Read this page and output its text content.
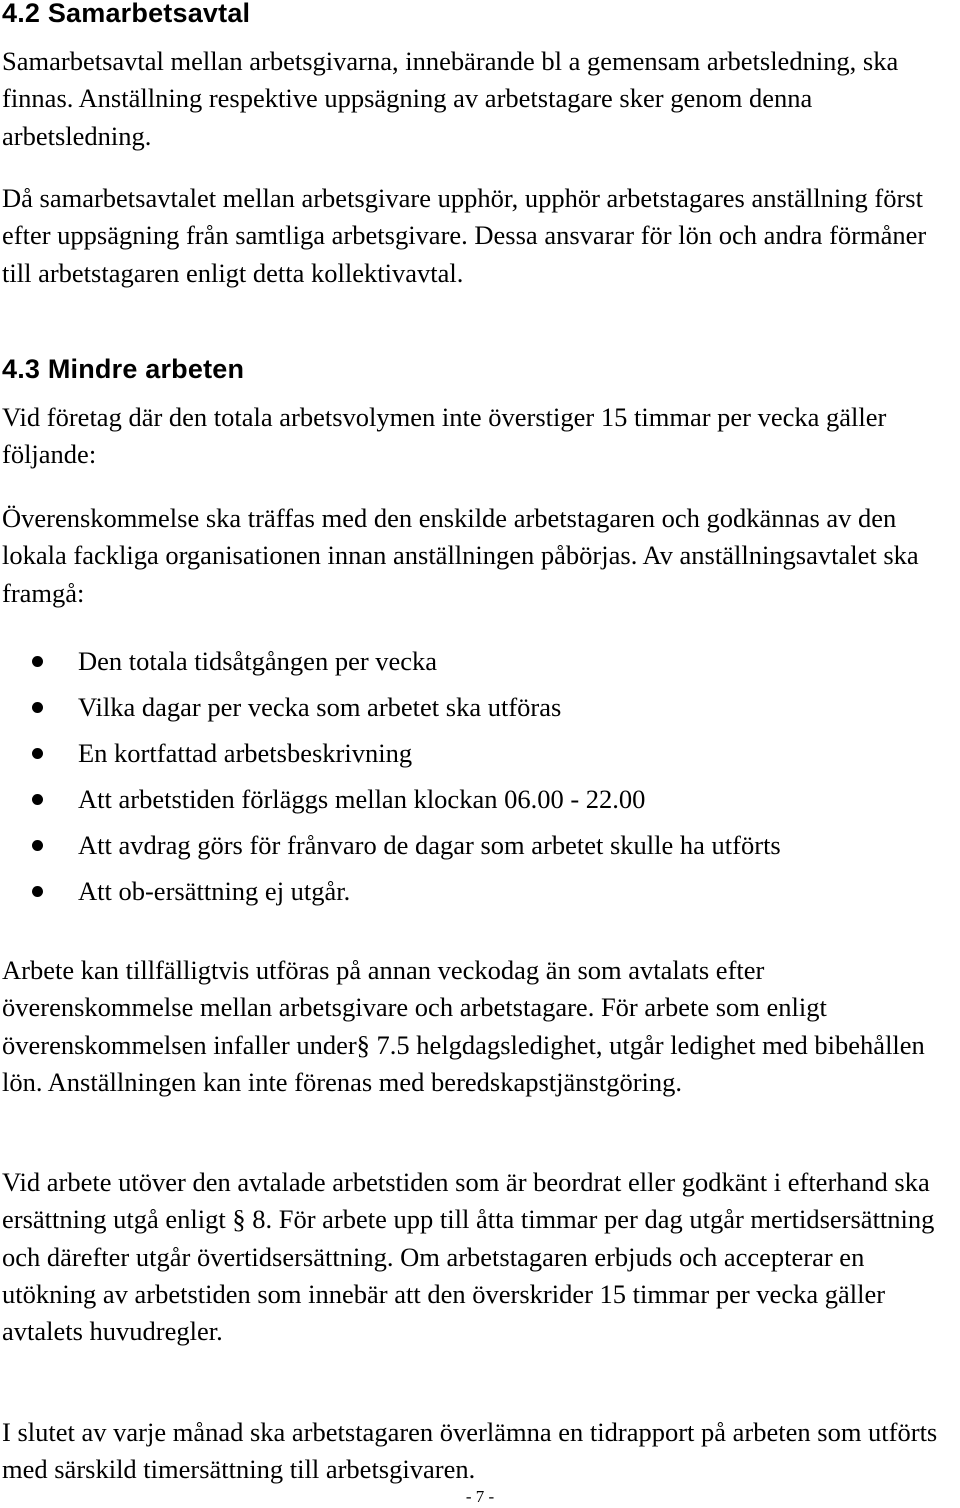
4.2 Samarbetsavtal

Samarbetsavtal mellan arbetsgivarna, innebärande bl a gemensam arbetsledning, ska finnas. Anställning respektive uppsägning av arbetstagare sker genom denna arbetsledning.

Då samarbetsavtalet mellan arbetsgivare upphör, upphör arbetstagares anställning först efter uppsägning från samtliga arbetsgivare. Dessa ansvarar för lön och andra förmåner till arbetstagaren enligt detta kollektivavtal.

4.3 Mindre arbeten

Vid företag där den totala arbetsvolymen inte överstiger 15 timmar per vecka gäller följande:

Överenskommelse ska träffas med den enskilde arbetstagaren och godkännas av den lokala fackliga organisationen innan anställningen påbörjas. Av anställningsavtalet ska framgå:

Den totala tidsåtgången per vecka
Vilka dagar per vecka som arbetet ska utföras
En kortfattad arbetsbeskrivning
Att arbetstiden förläggs mellan klockan 06.00 - 22.00
Att avdrag görs för frånvaro de dagar som arbetet skulle ha utförts
Att ob-ersättning ej utgår.

Arbete kan tillfälligtvis utföras på annan veckodag än som avtalats efter överenskommelse mellan arbetsgivare och arbetstagare. För arbete som enligt överenskommelsen infaller under§ 7.5 helgdagsledighet, utgår ledighet med bibehållen lön. Anställningen kan inte förenas med beredskapstjänstgöring.

Vid arbete utöver den avtalade arbetstiden som är beordrat eller godkänt i efterhand ska ersättning utgå enligt § 8. För arbete upp till åtta timmar per dag utgår mertidsersättning och därefter utgår övertidsersättning. Om arbetstagaren erbjuds och accepterar en utökning av arbetstiden som innebär att den överskrider 15 timmar per vecka gäller avtalets huvudregler.

I slutet av varje månad ska arbetstagaren överlämna en tidrapport på arbeten som utförts med särskild timersättning till arbetsgivaren.

- 7 -
